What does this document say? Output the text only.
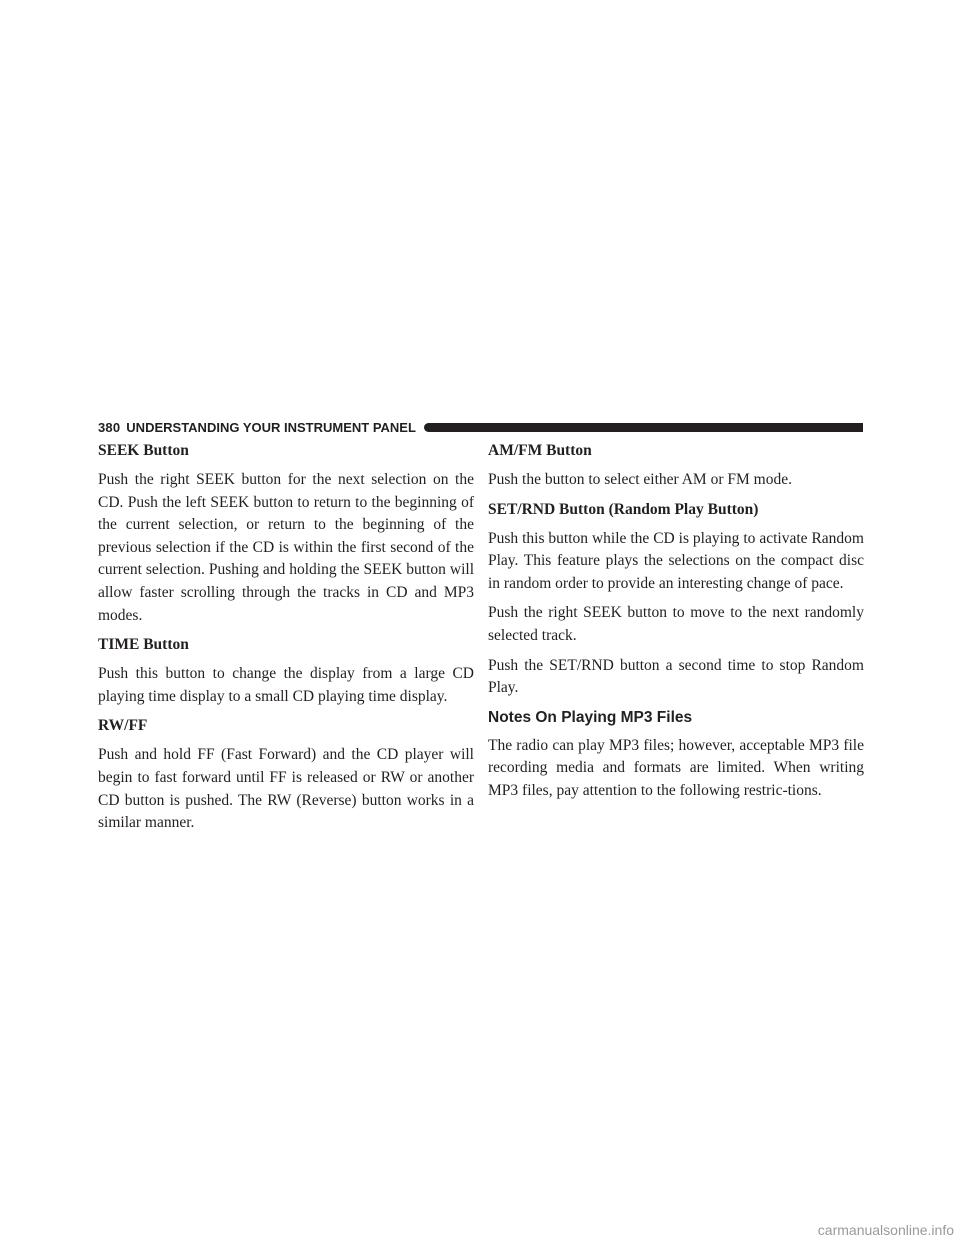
380 UNDERSTANDING YOUR INSTRUMENT PANEL
SEEK Button

Push the right SEEK button for the next selection on the CD. Push the left SEEK button to return to the beginning of the current selection, or return to the beginning of the previous selection if the CD is within the first second of the current selection. Pushing and holding the SEEK button will allow faster scrolling through the tracks in CD and MP3 modes.

TIME Button

Push this button to change the display from a large CD playing time display to a small CD playing time display.

RW/FF

Push and hold FF (Fast Forward) and the CD player will begin to fast forward until FF is released or RW or another CD button is pushed. The RW (Reverse) button works in a similar manner.

AM/FM Button

Push the button to select either AM or FM mode.

SET/RND Button (Random Play Button)

Push this button while the CD is playing to activate Random Play. This feature plays the selections on the compact disc in random order to provide an interesting change of pace.

Push the right SEEK button to move to the next randomly selected track.

Push the SET/RND button a second time to stop Random Play.

Notes On Playing MP3 Files

The radio can play MP3 files; however, acceptable MP3 file recording media and formats are limited. When writing MP3 files, pay attention to the following restric-tions.

carmanualsonline.info
